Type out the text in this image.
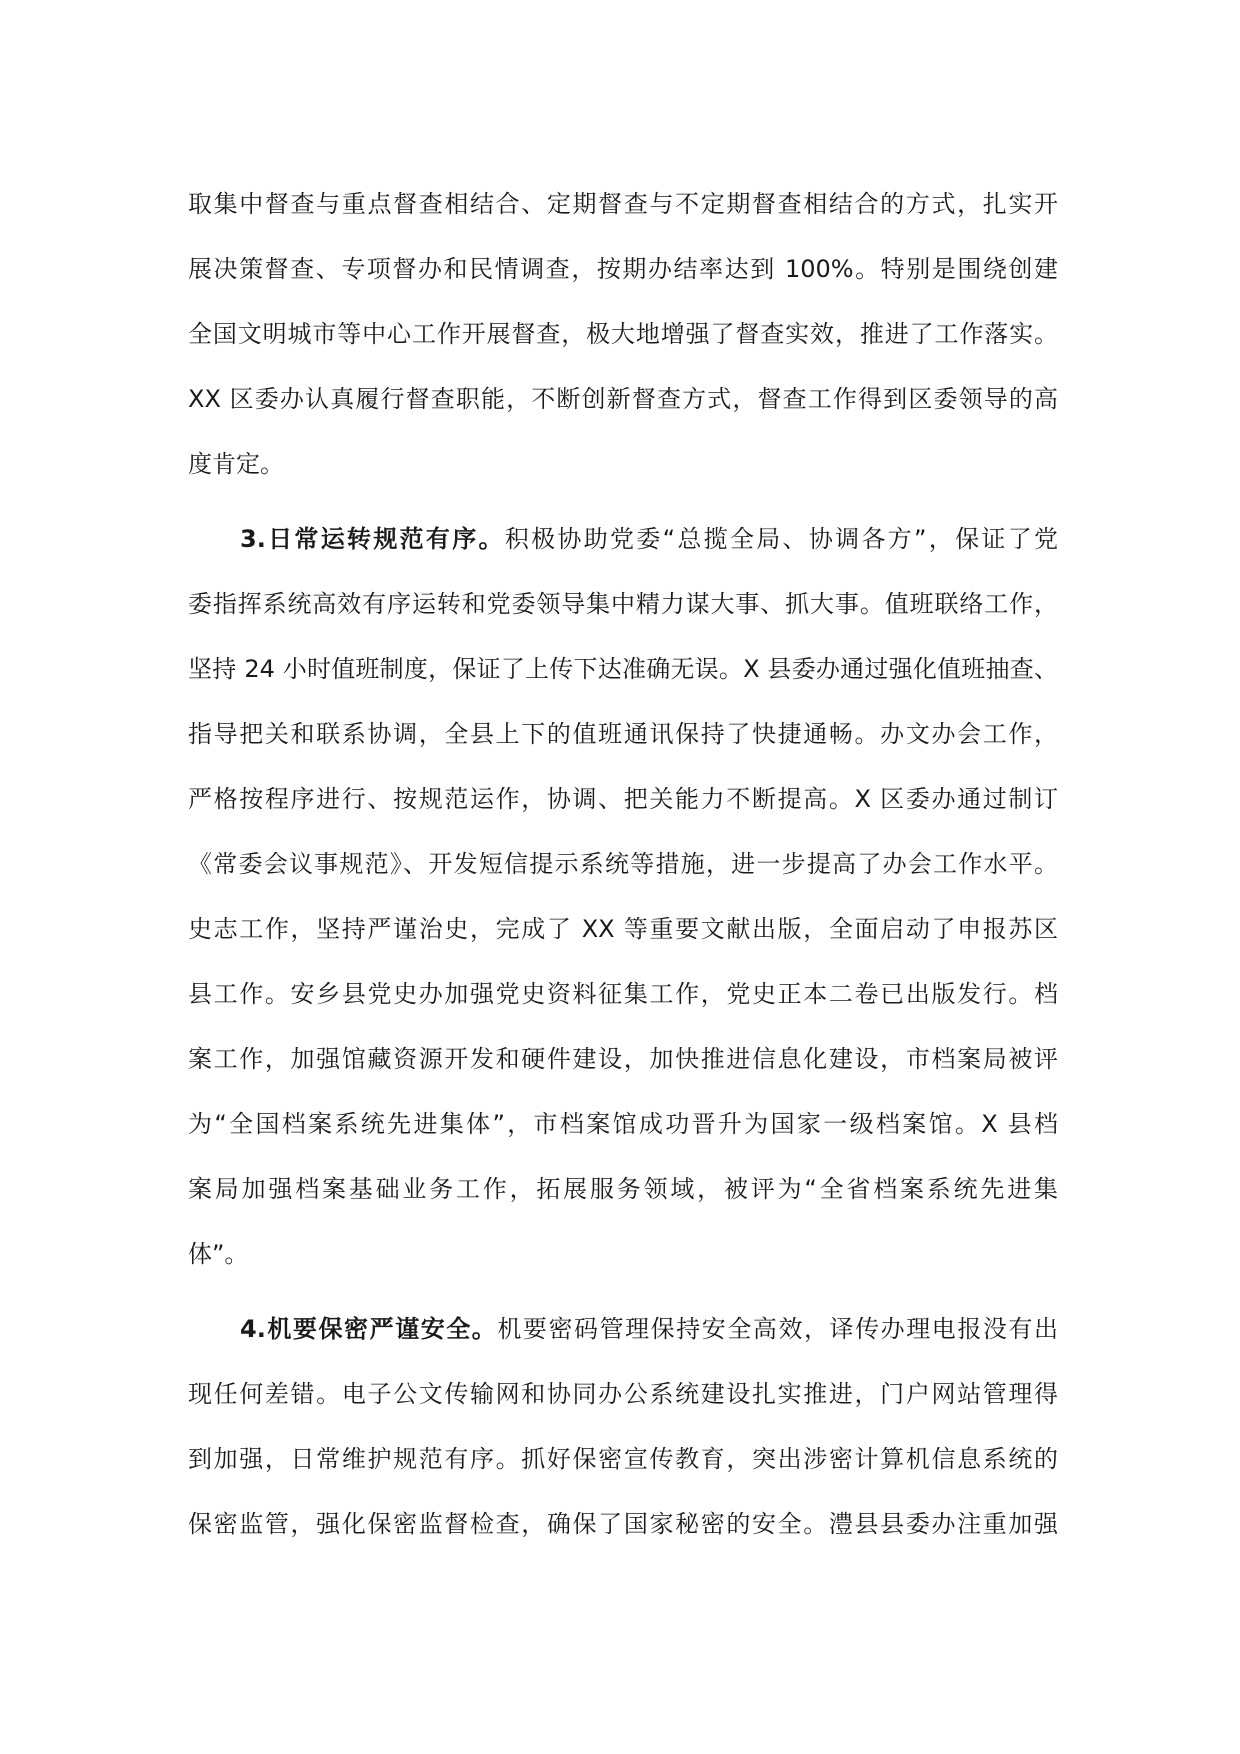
取集中督查与重点督查相结合、定期督查与不定期督查相结合的方式，扎实开
展决策督查、专项督办和民情调查，按期办结率达到 100%。特别是围绕创建
全国文明城市等中心工作开展督查，极大地增强了督查实效，推进了工作落实。
XX 区委办认真履行督查职能，不断创新督查方式，督查工作得到区委领导的高
度肯定。
3.日常运转规范有序。积极协助党委“总揽全局、协调各方”，保证了党
委指挥系统高效有序运转和党委领导集中精力谋大事、抓大事。值班联络工作，
坚持 24 小时值班制度，保证了上传下达准确无误。X 县委办通过强化值班抽查、
指导把关和联系协调，全县上下的值班通讯保持了快捷通畅。办文办会工作，
严格按程序进行、按规范运作，协调、把关能力不断提高。X 区委办通过制订
《常委会议事规范》、开发短信提示系统等措施，进一步提高了办会工作水平。
史志工作，坚持严谨治史，完成了 XX 等重要文献出版，全面启动了申报苏区
县工作。安乡县党史办加强党史资料征集工作，党史正本二卷已出版发行。档
案工作，加强馆藏资源开发和硬件建设，加快推进信息化建设，市档案局被评
为“全国档案系统先进集体”，市档案馆成功晋升为国家一级档案馆。X 县档
案局加强档案基础业务工作，拓展服务领域，被评为“全省档案系统先进集
体”。
4.机要保密严谨安全。机要密码管理保持安全高效，译传办理电报没有出
现任何差错。电子公文传输网和协同办公系统建设扎实推进，门户网站管理得
到加强，日常维护规范有序。抓好保密宣传教育，突出涉密计算机信息系统的
保密监管，强化保密监督检查，确保了国家秘密的安全。澧县县委办注重加强
